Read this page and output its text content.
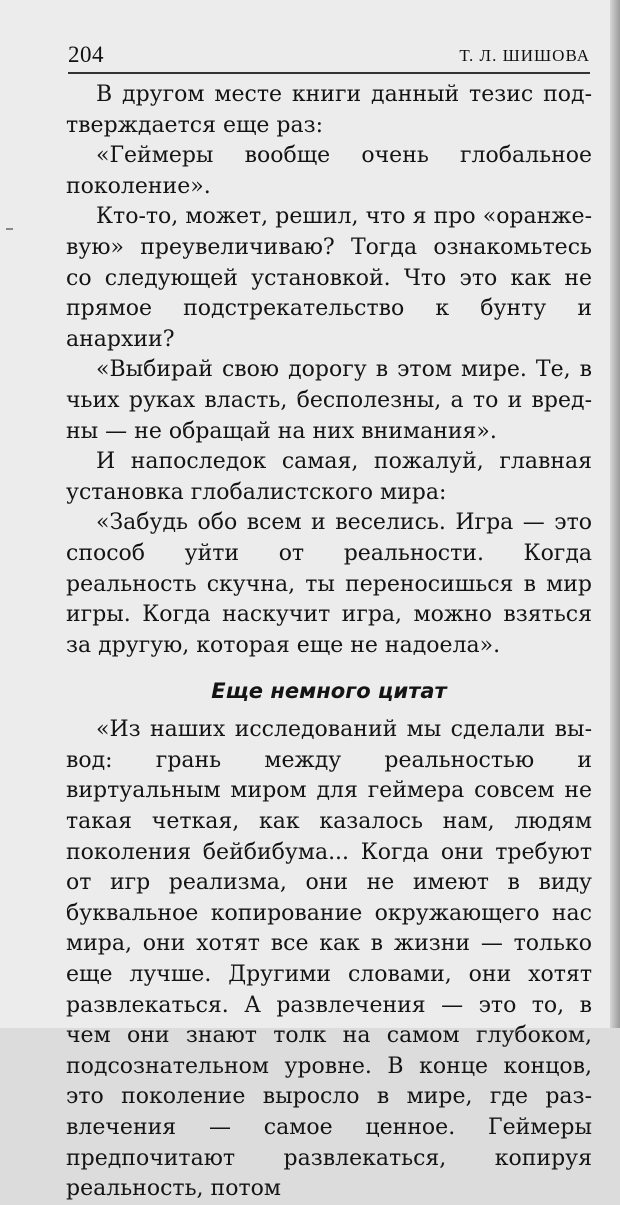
204	Т. Л. ШИШОВА

В другом месте книги данный тезис подтверждается еще раз:

«Геймеры вообще очень глобальное поколение».

Кто-то, может, решил, что я про «оранжевую» преувеличиваю? Тогда ознакомьтесь со следующей установкой. Что это как не прямое подстрекательство к бунту и анархии?

«Выбирай свою дорогу в этом мире. Те, в чьих руках власть, бесполезны, а то и вредны — не обращай на них внимания».

И напоследок самая, пожалуй, главная установка глобалистского мира:

«Забудь обо всем и веселись. Игра — это способ уйти от реальности. Когда реальность скучна, ты переносишься в мир игры. Когда наскучит игра, можно взяться за другую, которая еще не надоела».

Еще немного цитат

«Из наших исследований мы сделали вывод: грань между реальностью и виртуальным миром для геймера совсем не такая четкая, как казалось нам, людям поколения бейбибума... Когда они требуют от игр реализма, они не имеют в виду буквальное копирование окружающего нас мира, они хотят все как в жизни — только еще лучше. Другими словами, они хотят развлекаться. А развлечения — это то, в чем они знают толк на самом глубоком, подсознательном уровне. В конце концов, это поколение выросло в мире, где развлечения — самое ценное. Геймеры предпочитают развлекаться, копируя реальность, потом
